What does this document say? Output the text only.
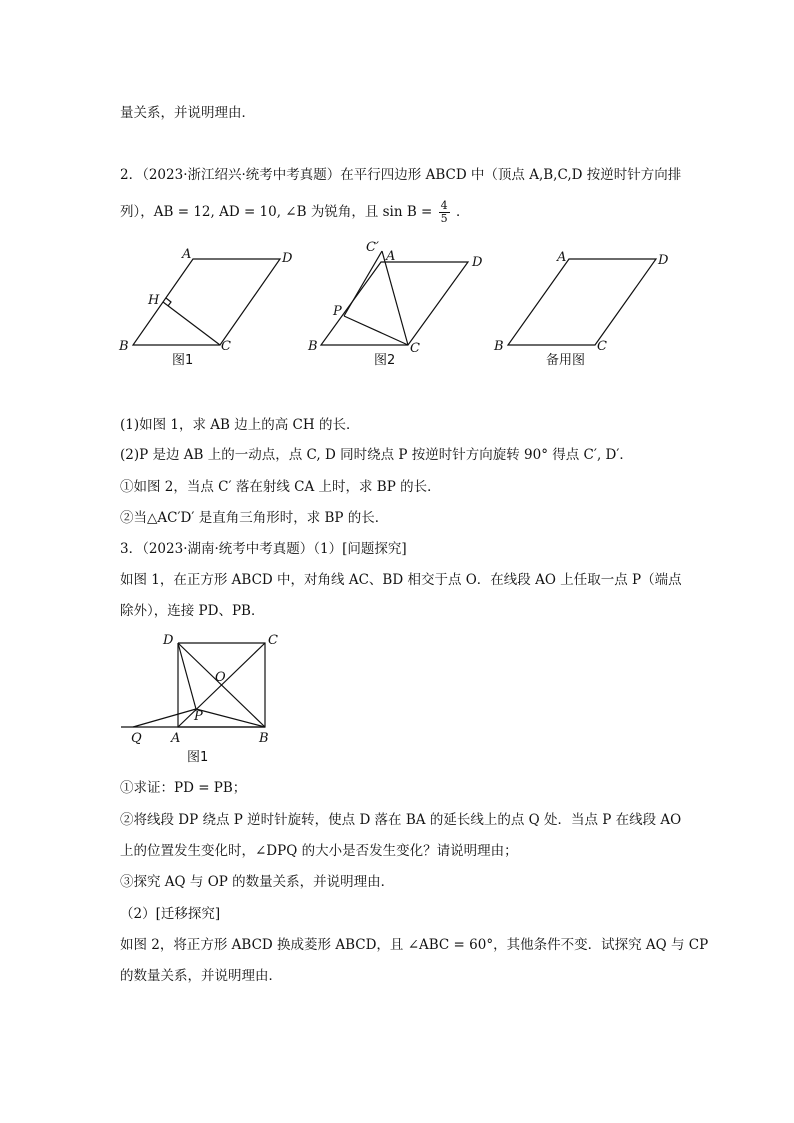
量关系，并说明理由．
2．（2023·浙江绍兴·统考中考真题）在平行四边形 ABCD 中（顶点 A,B,C,D 按逆时针方向排
列），AB = 12, AD = 10, ∠B 为锐角，且 $\sin B = \frac{4}{5}$ ．
A	D
B	C
H
图1
C′
A	D
P
B	C
图2
A	D
B	C
备用图
(1)如图 1，求 AB 边上的高 CH 的长．
(2)P 是边 AB 上的一动点，点 C, D 同时绕点 P 按逆时针方向旋转 90° 得点 C′, D′．
①如图 2，当点 C′ 落在射线 CA 上时，求 BP 的长．
②当△AC′D′ 是直角三角形时，求 BP 的长．
3．（2023·湖南·统考中考真题）（1）[问题探究]
如图 1，在正方形 ABCD 中，对角线 AC、BD 相交于点 O．在线段 AO 上任取一点 P（端点
除外），连接 PD、PB．
D	C
O
P
Q A	B
图1
①求证：PD = PB；
②将线段 DP 绕点 P 逆时针旋转，使点 D 落在 BA 的延长线上的点 Q 处．当点 P 在线段 AO
上的位置发生变化时，∠DPQ 的大小是否发生变化？请说明理由；
③探究 AQ 与 OP 的数量关系，并说明理由．
（2）[迁移探究]
如图 2，将正方形 ABCD 换成菱形 ABCD，且 ∠ABC = 60°，其他条件不变．试探究 AQ 与 CP
的数量关系，并说明理由．
